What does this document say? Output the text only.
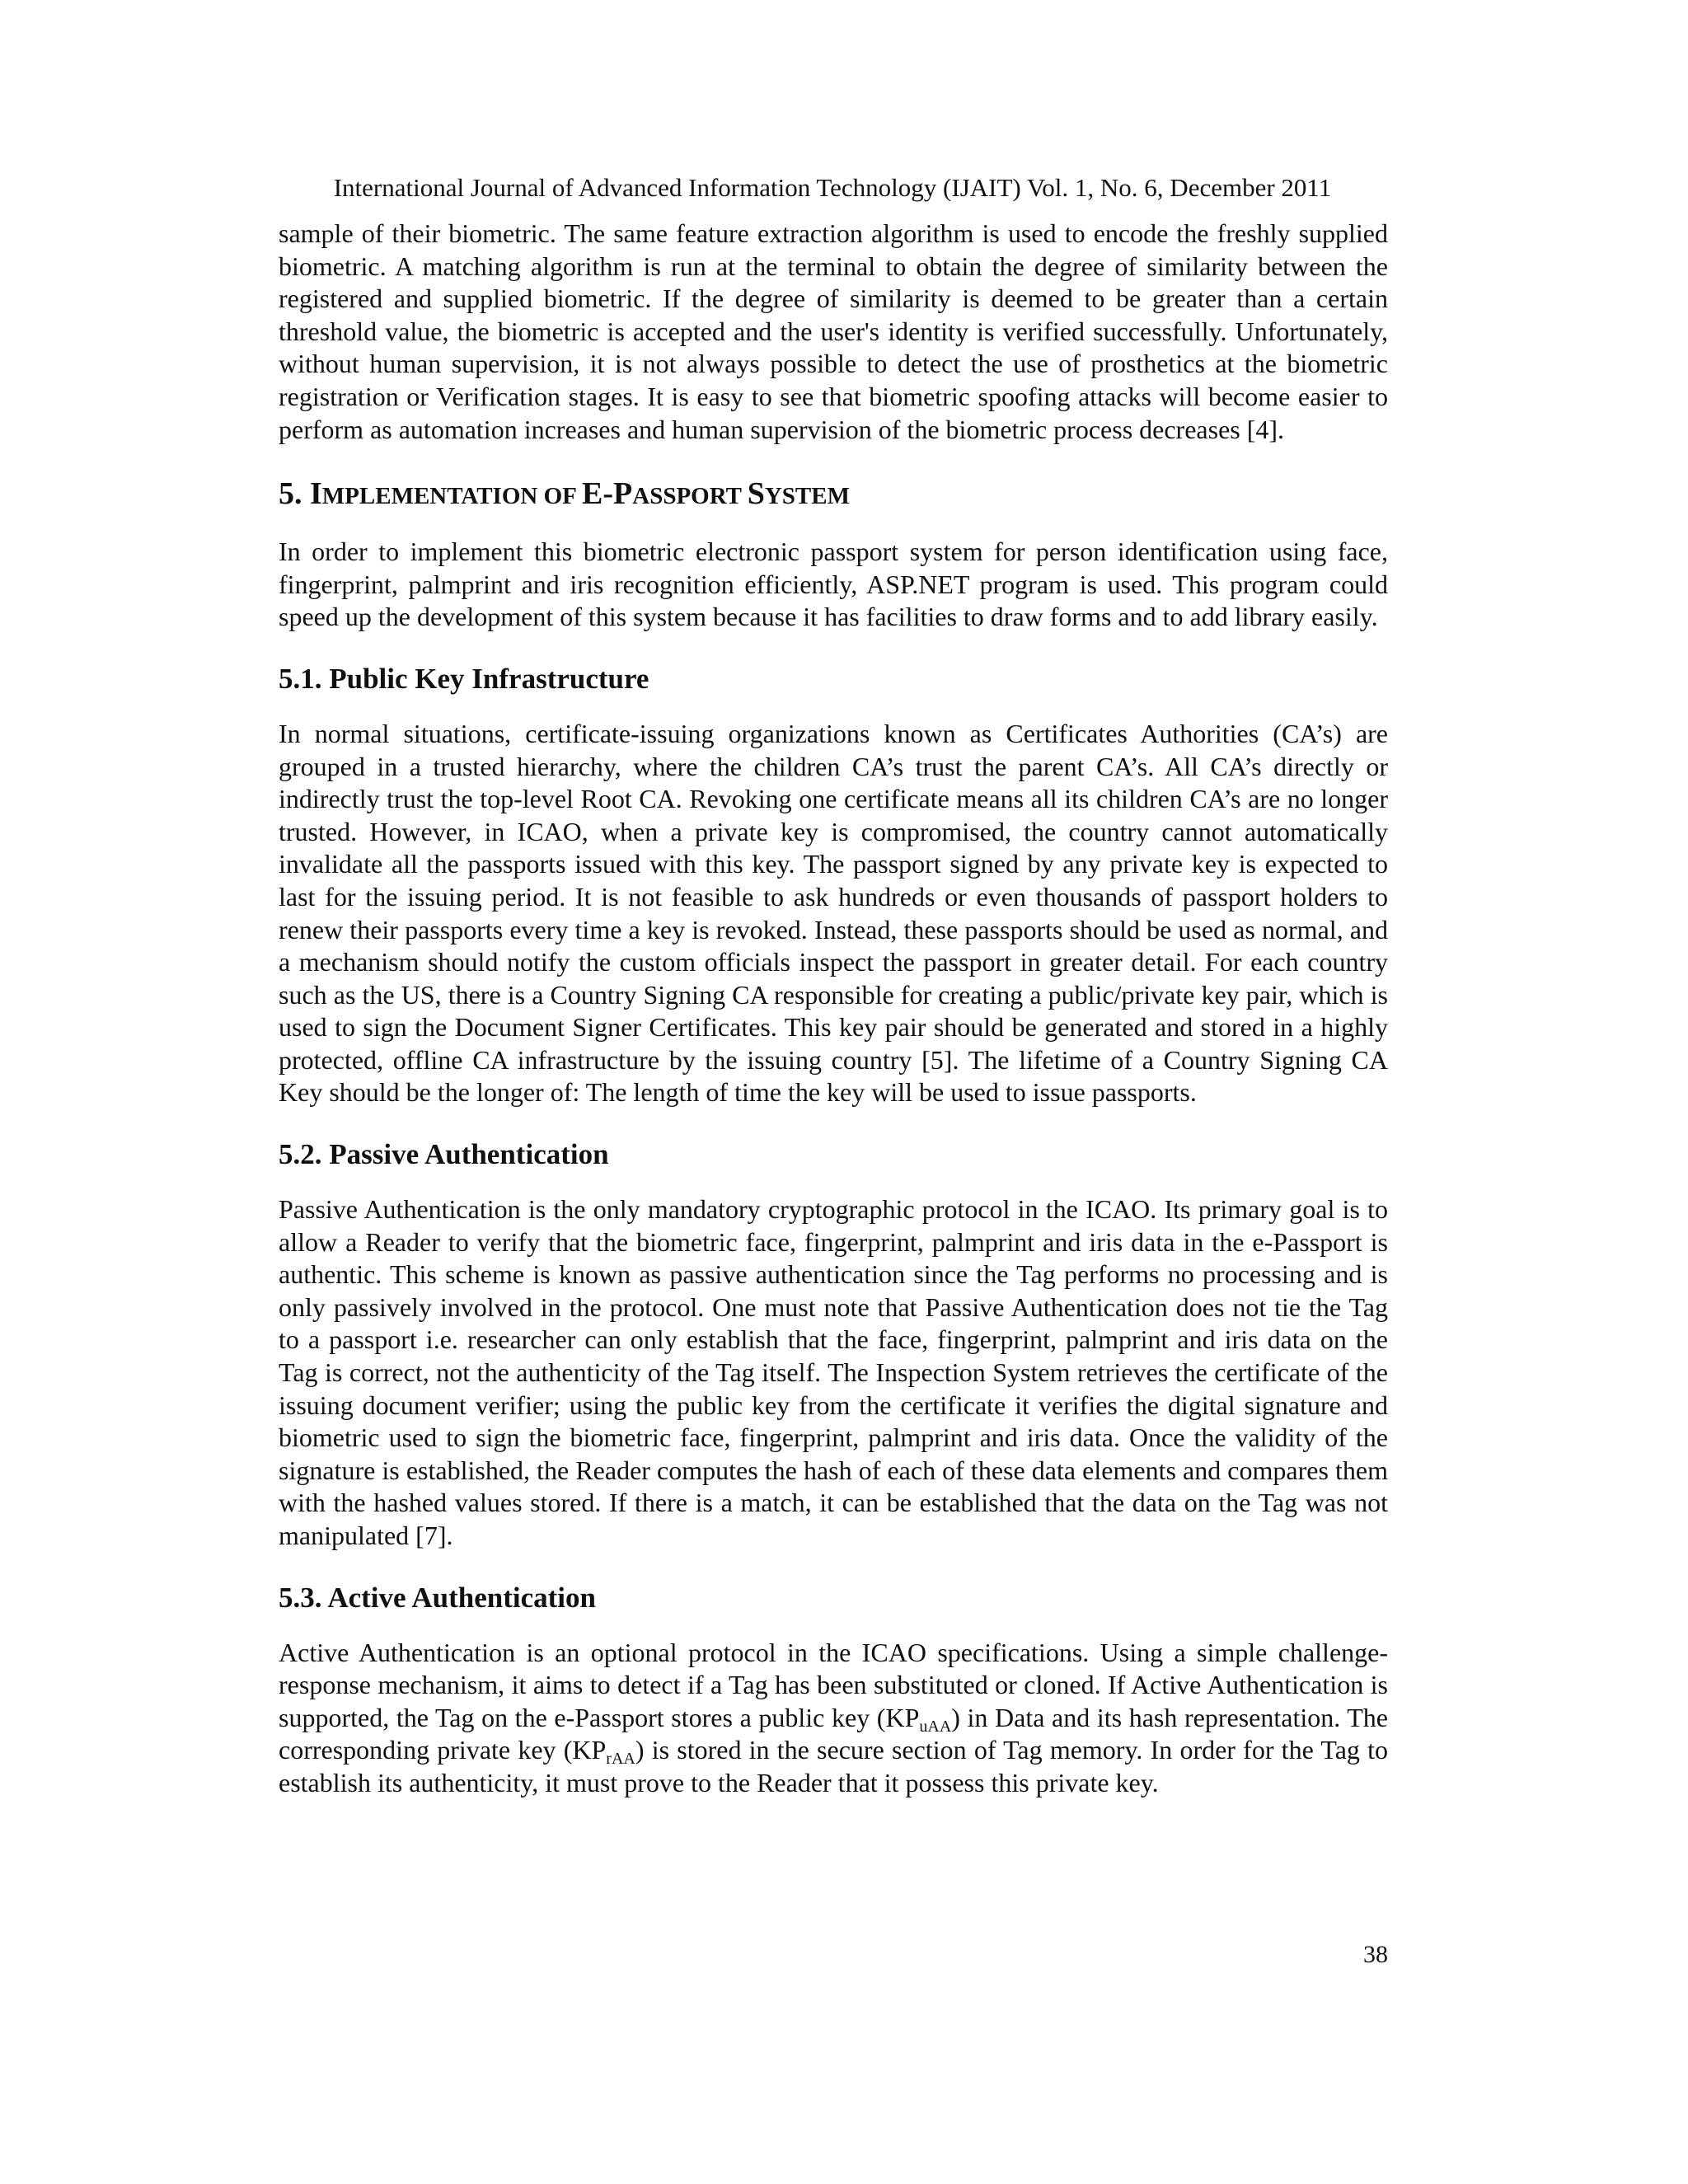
International Journal of Advanced Information Technology (IJAIT) Vol. 1, No. 6, December 2011

sample of their biometric. The same feature extraction algorithm is used to encode the freshly supplied biometric. A matching algorithm is run at the terminal to obtain the degree of similarity between the registered and supplied biometric. If the degree of similarity is deemed to be greater than a certain threshold value, the biometric is accepted and the user's identity is verified successfully. Unfortunately, without human supervision, it is not always possible to detect the use of prosthetics at the biometric registration or Verification stages. It is easy to see that biometric spoofing attacks will become easier to perform as automation increases and human supervision of the biometric process decreases [4].

5. IMPLEMENTATION OF E-PASSPORT SYSTEM

In order to implement this biometric electronic passport system for person identification using face, fingerprint, palmprint and iris recognition efficiently, ASP.NET program is used. This program could speed up the development of this system because it has facilities to draw forms and to add library easily.

5.1. Public Key Infrastructure

In normal situations, certificate-issuing organizations known as Certificates Authorities (CA’s) are grouped in a trusted hierarchy, where the children CA’s trust the parent CA’s. All CA’s directly or indirectly trust the top-level Root CA. Revoking one certificate means all its children CA’s are no longer trusted. However, in ICAO, when a private key is compromised, the country cannot automatically invalidate all the passports issued with this key. The passport signed by any private key is expected to last for the issuing period. It is not feasible to ask hundreds or even thousands of passport holders to renew their passports every time a key is revoked. Instead, these passports should be used as normal, and a mechanism should notify the custom officials inspect the passport in greater detail. For each country such as the US, there is a Country Signing CA responsible for creating a public/private key pair, which is used to sign the Document Signer Certificates. This key pair should be generated and stored in a highly protected, offline CA infrastructure by the issuing country [5]. The lifetime of a Country Signing CA Key should be the longer of: The length of time the key will be used to issue passports.

5.2. Passive Authentication

Passive Authentication is the only mandatory cryptographic protocol in the ICAO. Its primary goal is to allow a Reader to verify that the biometric face, fingerprint, palmprint and iris data in the e-Passport is authentic. This scheme is known as passive authentication since the Tag performs no processing and is only passively involved in the protocol. One must note that Passive Authentication does not tie the Tag to a passport i.e. researcher can only establish that the face, fingerprint, palmprint and iris data on the Tag is correct, not the authenticity of the Tag itself. The Inspection System retrieves the certificate of the issuing document verifier; using the public key from the certificate it verifies the digital signature and biometric used to sign the biometric face, fingerprint, palmprint and iris data. Once the validity of the signature is established, the Reader computes the hash of each of these data elements and compares them with the hashed values stored. If there is a match, it can be established that the data on the Tag was not manipulated [7].

5.3. Active Authentication

Active Authentication is an optional protocol in the ICAO specifications. Using a simple challenge-response mechanism, it aims to detect if a Tag has been substituted or cloned. If Active Authentication is supported, the Tag on the e-Passport stores a public key $(KP_{uAA})$ in Data and its hash representation. The corresponding private key $(KP_{rAA})$ is stored in the secure section of Tag memory. In order for the Tag to establish its authenticity, it must prove to the Reader that it possess this private key.

38
